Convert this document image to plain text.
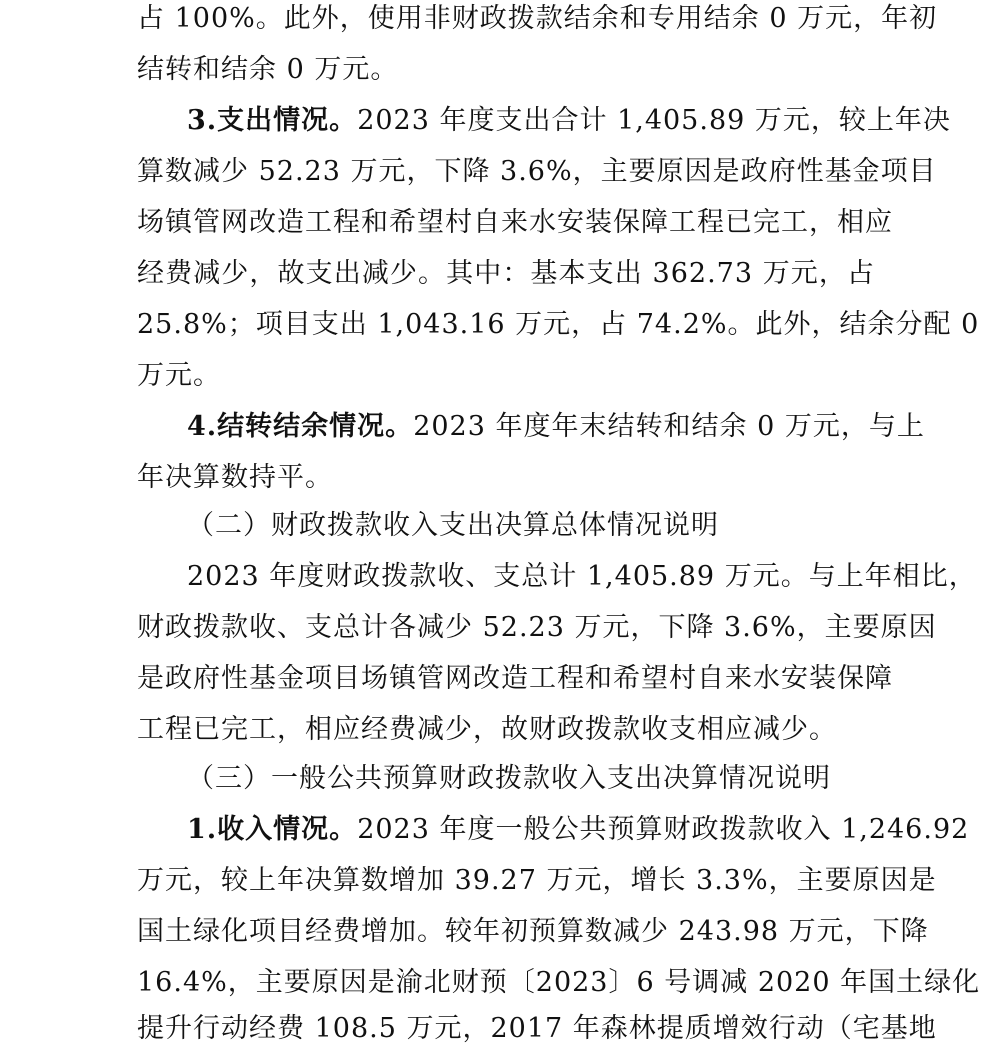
占 100%。此外，使用非财政拨款结余和专用结余 0 万元，年初
结转和结余 0 万元。
3.支出情况。2023 年度支出合计 1,405.89 万元，较上年决
算数减少 52.23 万元，下降 3.6%，主要原因是政府性基金项目
场镇管网改造工程和希望村自来水安装保障工程已完工，相应
经费减少，故支出减少。其中：基本支出 362.73 万元，占
25.8%；项目支出 1,043.16 万元，占 74.2%。此外，结余分配 0
万元。
4.结转结余情况。2023 年度年末结转和结余 0 万元，与上
年决算数持平。
（二）财政拨款收入支出决算总体情况说明
2023 年度财政拨款收、支总计 1,405.89 万元。与上年相比，
财政拨款收、支总计各减少 52.23 万元，下降 3.6%，主要原因
是政府性基金项目场镇管网改造工程和希望村自来水安装保障
工程已完工，相应经费减少，故财政拨款收支相应减少。
（三）一般公共预算财政拨款收入支出决算情况说明
1.收入情况。2023 年度一般公共预算财政拨款收入 1,246.92
万元，较上年决算数增加 39.27 万元，增长 3.3%，主要原因是
国土绿化项目经费增加。较年初预算数减少 243.98 万元，下降
16.4%，主要原因是渝北财预〔2023〕6 号调减 2020 年国土绿化
提升行动经费 108.5 万元，2017 年森林提质增效行动（宅基地
